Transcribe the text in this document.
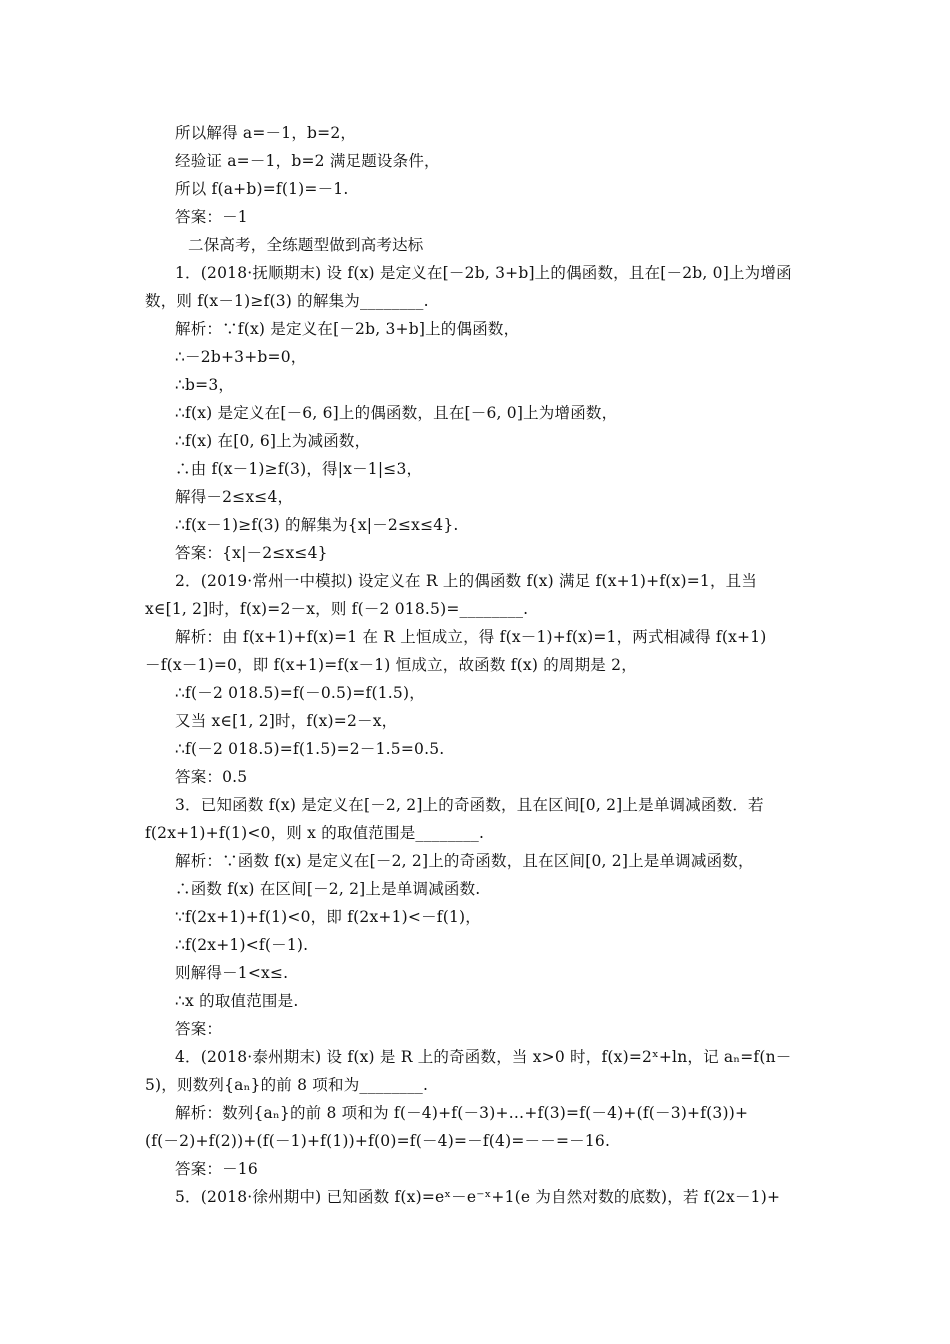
所以解得 a=－1，b=2，
经验证 a=－1，b=2 满足题设条件，
所以 f(a+b)=f(1)=－1.
答案：－1
二保高考，全练题型做到高考达标
1．(2018·抚顺期末) 设 f(x) 是定义在[－2b, 3+b]上的偶函数，且在[－2b, 0]上为增函
数，则 f(x－1)≥f(3) 的解集为________.
解析：∵f(x) 是定义在[－2b, 3+b]上的偶函数，
∴－2b+3+b=0，
∴b=3，
∴f(x) 是定义在[－6, 6]上的偶函数，且在[－6, 0]上为增函数，
∴f(x) 在[0, 6]上为减函数，
∴由 f(x－1)≥f(3)，得|x－1|≤3，
解得－2≤x≤4，
∴f(x－1)≥f(3) 的解集为{x|－2≤x≤4}.
答案：{x|－2≤x≤4}
2．(2019·常州一中模拟) 设定义在 R 上的偶函数 f(x) 满足 f(x+1)+f(x)=1，且当
x∈[1, 2]时，f(x)=2－x，则 f(－2 018.5)=________.
解析：由 f(x+1)+f(x)=1 在 R 上恒成立，得 f(x－1)+f(x)=1，两式相减得 f(x+1)
－f(x－1)=0，即 f(x+1)=f(x－1) 恒成立，故函数 f(x) 的周期是 2，
∴f(－2 018.5)=f(－0.5)=f(1.5)，
又当 x∈[1, 2]时，f(x)=2－x，
∴f(－2 018.5)=f(1.5)=2－1.5=0.5.
答案：0.5
3．已知函数 f(x) 是定义在[－2, 2]上的奇函数，且在区间[0, 2]上是单调减函数．若
f(2x+1)+f(1)<0，则 x 的取值范围是________.
解析：∵函数 f(x) 是定义在[－2, 2]上的奇函数，且在区间[0, 2]上是单调减函数，
∴函数 f(x) 在区间[－2, 2]上是单调减函数.
∵f(2x+1)+f(1)<0，即 f(2x+1)<－f(1)，
∴f(2x+1)<f(－1).
则解得－1<x≤.
∴x 的取值范围是.
答案：
4．(2018·泰州期末) 设 f(x) 是 R 上的奇函数，当 x>0 时，f(x)=2ˣ+ln，记 aₙ=f(n－
5)，则数列{aₙ}的前 8 项和为________.
解析：数列{aₙ}的前 8 项和为 f(－4)+f(－3)+…+f(3)=f(－4)+(f(－3)+f(3))+
(f(－2)+f(2))+(f(－1)+f(1))+f(0)=f(－4)=－f(4)=－－=－16.
答案：－16
5．(2018·徐州期中) 已知函数 f(x)=eˣ－e⁻ˣ+1(e 为自然对数的底数)，若 f(2x－1)+
